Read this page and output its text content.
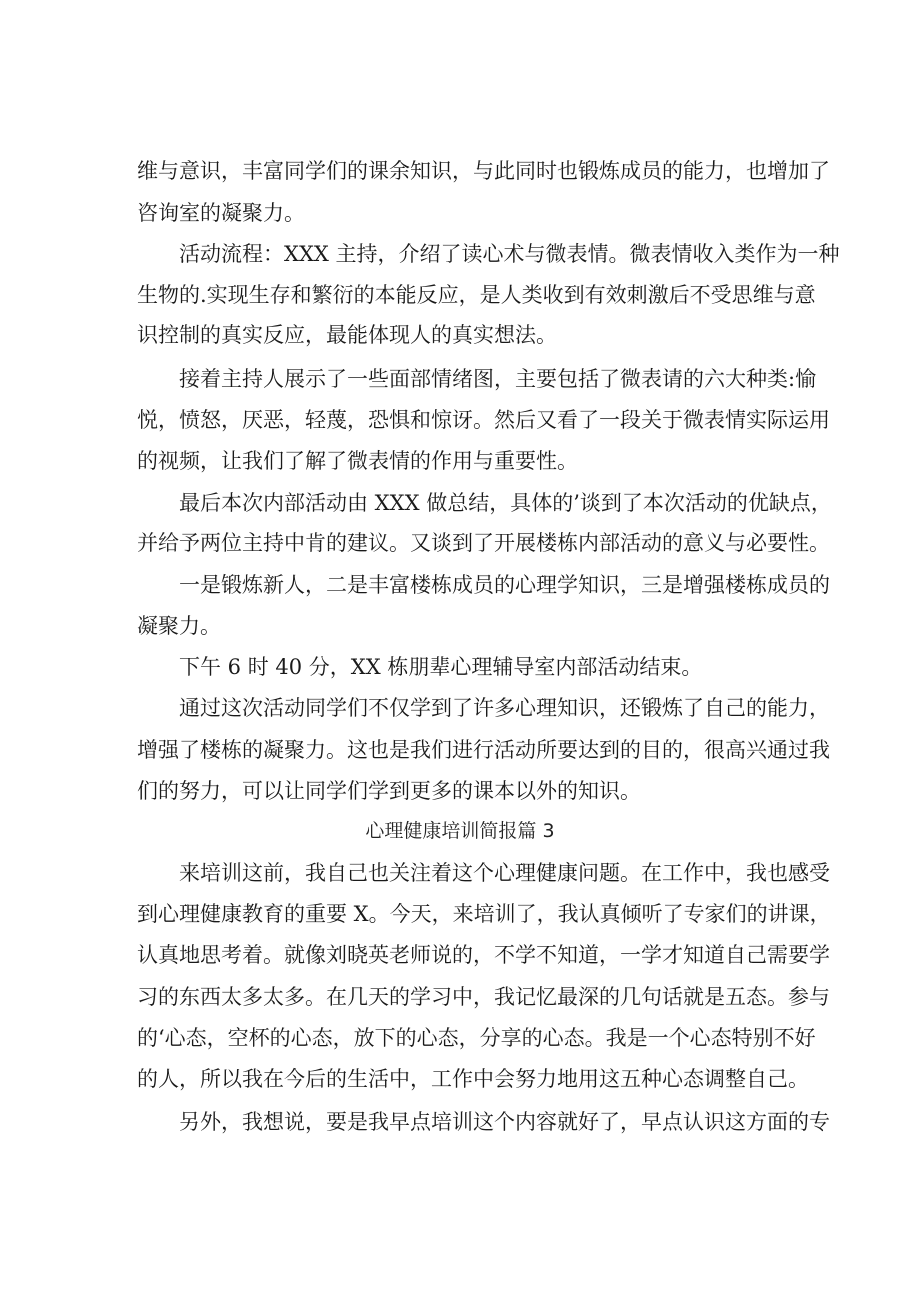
维与意识，丰富同学们的课余知识，与此同时也锻炼成员的能力，也增加了
咨询室的凝聚力。
活动流程：XXX 主持，介绍了读心术与微表情。微表情收入类作为一种
生物的.实现生存和繁衍的本能反应，是人类收到有效刺激后不受思维与意
识控制的真实反应，最能体现人的真实想法。
接着主持人展示了一些面部情绪图，主要包括了微表请的六大种类:愉
悦，愤怒，厌恶，轻蔑，恐惧和惊讶。然后又看了一段关于微表情实际运用
的视频，让我们了解了微表情的作用与重要性。
最后本次内部活动由 XXX 做总结，具体的’谈到了本次活动的优缺点，
并给予两位主持中肯的建议。又谈到了开展楼栋内部活动的意义与必要性。
一是锻炼新人，二是丰富楼栋成员的心理学知识，三是增强楼栋成员的
凝聚力。
下午 6 时 40 分，XX 栋朋辈心理辅导室内部活动结束。
通过这次活动同学们不仅学到了许多心理知识，还锻炼了自己的能力，
增强了楼栋的凝聚力。这也是我们进行活动所要达到的目的，很高兴通过我
们的努力，可以让同学们学到更多的课本以外的知识。
心理健康培训简报篇 3
来培训这前，我自己也关注着这个心理健康问题。在工作中，我也感受
到心理健康教育的重要 X。今天，来培训了，我认真倾听了专家们的讲课，
认真地思考着。就像刘晓英老师说的，不学不知道，一学才知道自己需要学
习的东西太多太多。在几天的学习中，我记忆最深的几句话就是五态。参与
的‘心态，空杯的心态，放下的心态，分享的心态。我是一个心态特别不好
的人，所以我在今后的生活中，工作中会努力地用这五种心态调整自己。
另外，我想说，要是我早点培训这个内容就好了，早点认识这方面的专
